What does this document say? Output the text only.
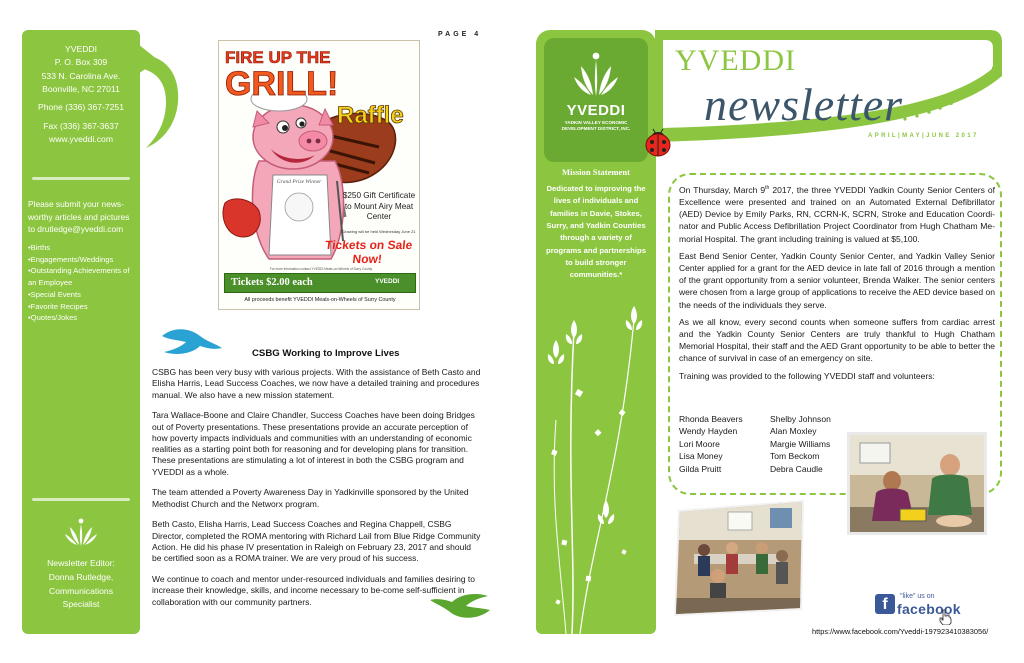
YVEDDI
P. O. Box 309
533 N. Carolina Ave.
Boonville, NC 27011
Phone (336) 367-7251
Fax (336) 367-3637
www.yveddi.com
Please submit your news-worthy articles and pictures to drutledge@yveddi.com
• Births
• Engagements/Weddings
• Outstanding Achievements of an Employee
• Special Events
• Favorite Recipes
• Quotes/Jokes
Newsletter Editor:
Donna Rutledge,
Communications
Specialist
PAGE 4
FIRE UP THE
GRILL!
Raffle
Grand Prize Winner
$250 Gift Certificate to Mount Airy Meat Center
Drawing will be held Wednesday June 21
Tickets on Sale Now!
For more information contact YVEDDI Meals-on-Wheels of Surry County
Tickets $2.00 each	YVEDDI
All proceeds benefit YVEDDI Meals-on-Wheels of Surry County
CSBG Working to Improve Lives

CSBG has been very busy with various projects. With the assistance of Beth Casto and Elisha Harris, Lead Success Coaches, we now have a detailed training and procedures manual. We also have a new mission statement.

Tara Wallace-Boone and Claire Chandler, Success Coaches have been doing Bridges out of Poverty presentations. These presentations provide an accurate perception of how poverty impacts individuals and communities with an understanding of economic realities as a starting point both for reasoning and for developing plans for transition. These presentations are stimulating a lot of interest in both the CSBG program and YVEDDI as a whole.

The team attended a Poverty Awareness Day in Yadkinville sponsored by the United Methodist Church and the Networx program.

Beth Casto, Elisha Harris, Lead Success Coaches and Regina Chappell, CSBG Director, completed the ROMA mentoring with Richard Lail from Blue Ridge Community Action. He did his phase IV presentation in Raleigh on February 23, 2017 and should be certified soon as a ROMA trainer. We are very proud of his success.

We continue to coach and mentor under-resourced individuals and families desiring to increase their knowledge, skills, and income necessary to be-come self-sufficient in collaboration with our community partners.

YVEDDI
YADKIN VALLEY ECONOMIC DEVELOPMENT DISTRICT, INC.
Mission Statement
Dedicated to improving the lives of individuals and families in Davie, Stokes, Surry, and Yadkin Counties through a variety of programs and partnerships to build stronger communities.*
YVEDDI
newsletter
APRIL|MAY|JUNE 2017

On Thursday, March 9th 2017, the three YVEDDI Yadkin County Senior Centers of Excellence were presented and trained on an Automated External Defibrillator (AED) Device by Emily Parks, RN, CCRN-K, SCRN, Stroke and Education Coordi-nator and Public Access Defibrillation Project Coordinator from Hugh Chatham Me-morial Hospital. The grant including training is valued at $5,100.

East Bend Senior Center, Yadkin County Senior Center, and Yadkin Valley Senior Center applied for a grant for the AED device in late fall of 2016 through a mention of the grant opportunity from a senior volunteer, Brenda Walker. The senior centers were chosen from a large group of applications to receive the AED device based on the needs of the individuals they serve.

As we all know, every second counts when someone suffers from cardiac arrest and the Yadkin County Senior Centers are truly thankful to Hugh Chatham Memorial Hospital, their staff and the AED Grant opportunity to be able to better the chance of survival in case of an emergency on site.

Training was provided to the following YVEDDI staff and volunteers:

Rhonda Beavers
Wendy Hayden
Lori Moore
Lisa Money
Gilda Pruitt
Shelby Johnson
Alan Moxley
Margie Williams
Tom Beckom
Debra Caudle
f	"like" us on
facebook
https://www.facebook.com/Yveddi-197923410383056/
